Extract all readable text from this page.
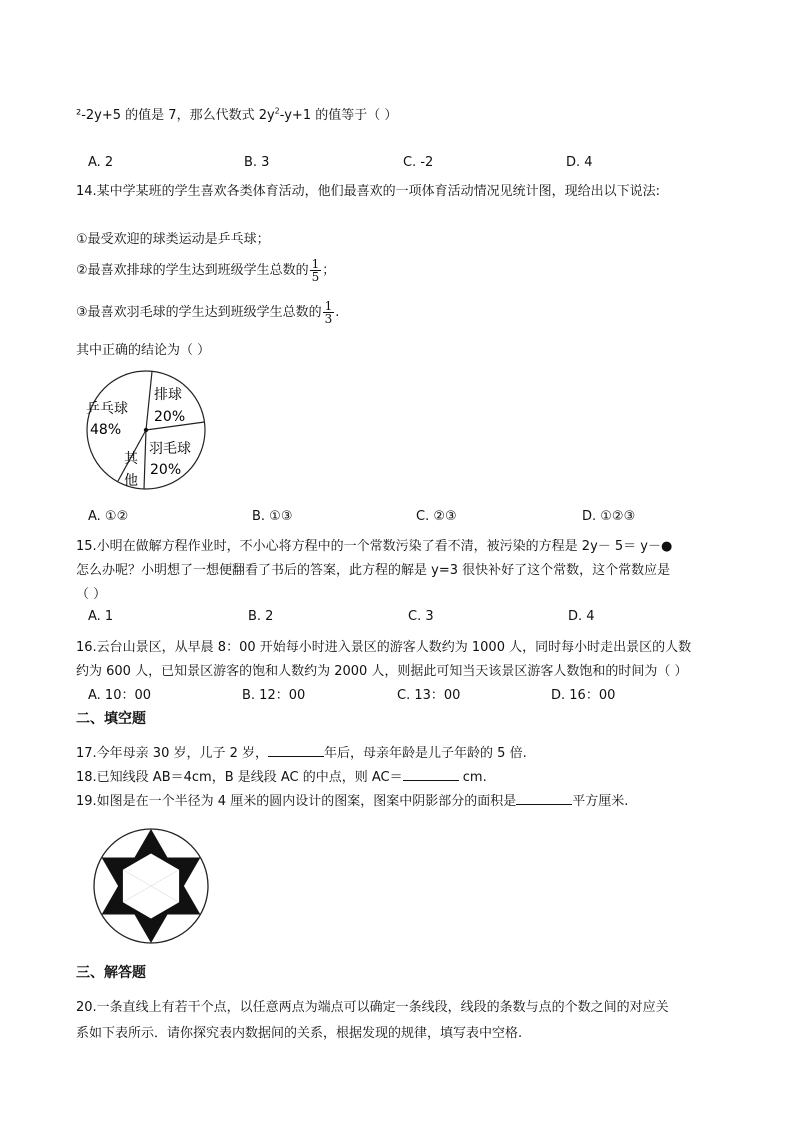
²-2y+5 的值是 7，那么代数式 $2y^2-y+1$ 的值等于（ ）
A. 2	B. 3	C. -2	D. 4
14.某中学某班的学生喜欢各类体育活动，他们最喜欢的一项体育活动情况见统计图，现给出以下说法:
①最受欢迎的球类运动是乒乓球；
②最喜欢排球的学生达到班级学生总数的 $\frac{1}{5}$ ；
③最喜欢羽毛球的学生达到班级学生总数的 $\frac{1}{3}$ .
其中正确的结论为（ ）
乒乓球
48%
排球
20%
羽毛球
20%
其
他
A. ①②	B. ①③	C. ②③	D. ①②③
15.小明在做解方程作业时，不小心将方程中的一个常数污染了看不清，被污染的方程是 2y－ 5＝ y－●
怎么办呢？小明想了一想便翻看了书后的答案，此方程的解是 y=3 很快补好了这个常数，这个常数应是
（ ）
A. 1	B. 2	C. 3	D. 4
16.云台山景区，从早晨 8：00 开始每小时进入景区的游客人数约为 1000 人，同时每小时走出景区的人数
约为 600 人，已知景区游客的饱和人数约为 2000 人，则据此可知当天该景区游客人数饱和的时间为（ ）
A. 10：00	B. 12：00	C. 13：00	D. 16：00
二、填空题
17.今年母亲 30 岁，儿子 2 岁，	年后，母亲年龄是儿子年龄的 5 倍.
18.已知线段 AB＝4cm，B 是线段 AC 的中点，则 AC＝	cm.
19.如图是在一个半径为 4 厘米的圆内设计的图案，图案中阴影部分的面积是	平方厘米.
三、解答题
20.一条直线上有若干个点，以任意两点为端点可以确定一条线段，线段的条数与点的个数之间的对应关
系如下表所示．请你探究表内数据间的关系，根据发现的规律，填写表中空格.
